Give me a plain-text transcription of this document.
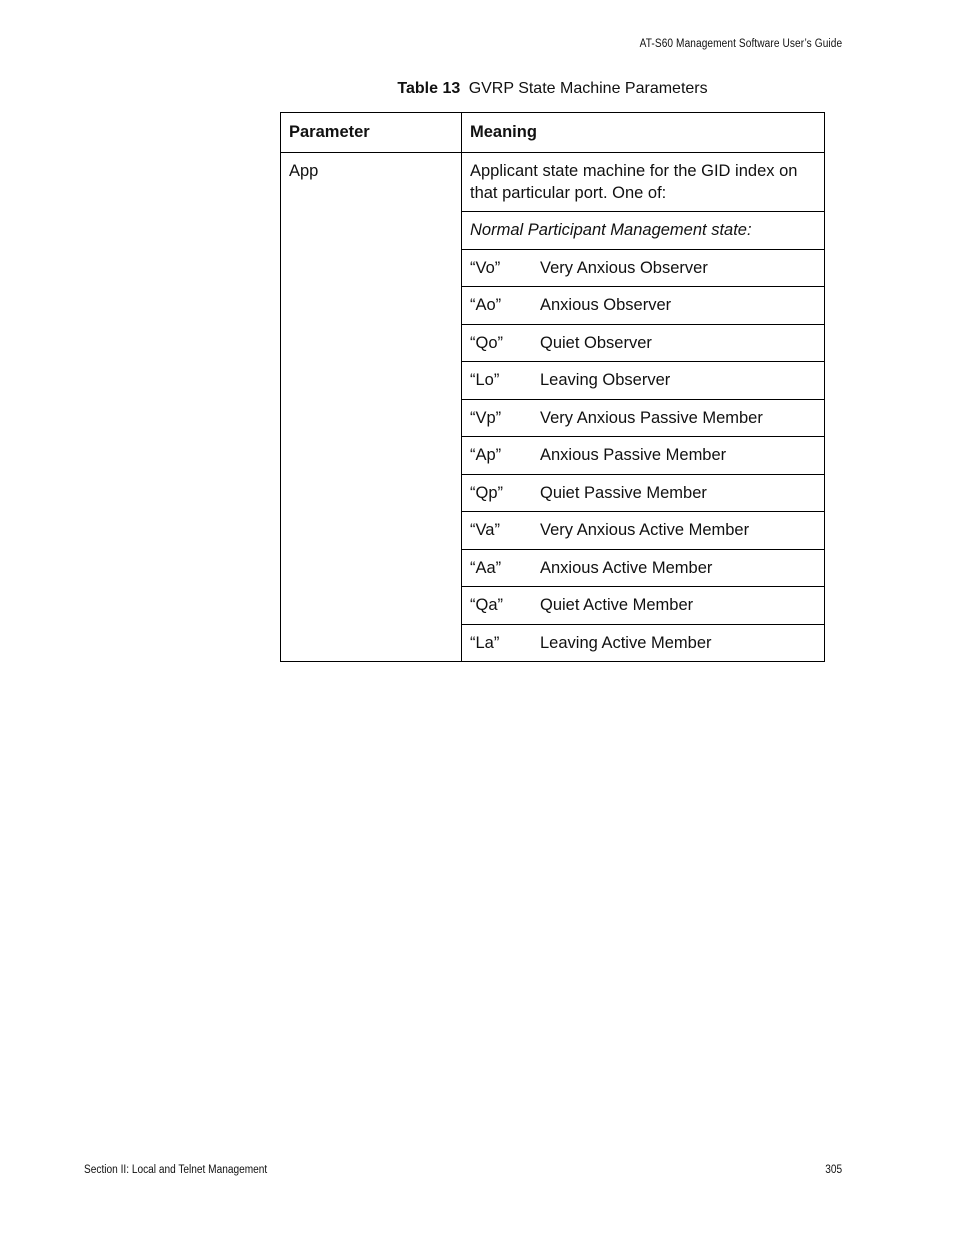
AT-S60 Management Software User’s Guide
Table 13 GVRP State Machine Parameters
Parameter	Meaning
App	Applicant state machine for the GID index on that particular port. One of:
	Normal Participant Management state:
	“Vo” Very Anxious Observer
	“Ao” Anxious Observer
	“Qo” Quiet Observer
	“Lo” Leaving Observer
	“Vp” Very Anxious Passive Member
	“Ap” Anxious Passive Member
	“Qp” Quiet Passive Member
	“Va” Very Anxious Active Member
	“Aa” Anxious Active Member
	“Qa” Quiet Active Member
	“La” Leaving Active Member
Section II: Local and Telnet Management	305
